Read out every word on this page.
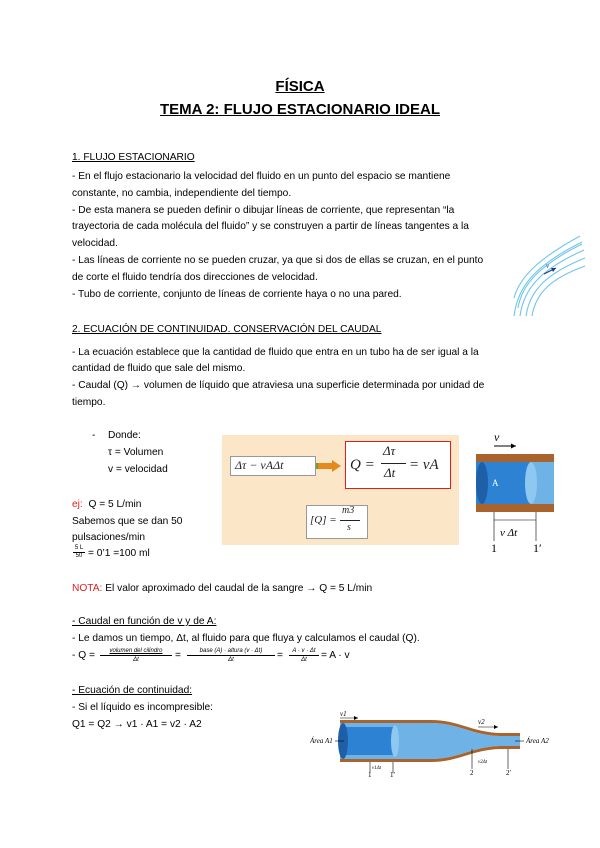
FÍSICA
TEMA 2: FLUJO ESTACIONARIO IDEAL
1. FLUJO ESTACIONARIO
- En el flujo estacionario la velocidad del fluido en un punto del espacio se mantiene
constante, no cambia, independiente del tiempo.
- De esta manera se pueden definir o dibujar líneas de corriente, que representan “la
trayectoria de cada molécula del fluido” y se construyen a partir de líneas tangentes a la
velocidad.
- Las líneas de corriente no se pueden cruzar, ya que si dos de ellas se cruzan, en el punto
de corte el fluido tendría dos direcciones de velocidad.
- Tubo de corriente, conjunto de líneas de corriente haya o no una pared.
v
2. ECUACIÓN DE CONTINUIDAD. CONSERVACIÓN DEL CAUDAL
- La ecuación establece que la cantidad de fluido que entra en un tubo ha de ser igual a la
cantidad de fluido que sale del mismo.
- Caudal (Q) → volumen de líquido que atraviesa una superficie determinada por unidad de
tiempo.
- Donde:
τ = Volumen
v = velocidad	Δτ − vAΔt	Q =
Δτ
Δt = vA
[Q] =
m3
s
v
A
v Δt
1	1′
ej: Q = 5 L/min
Sabemos que se dan 50
pulsaciones/min
$\frac{5 L}{50}$ = 0’1 =100 ml
NOTA: El valor aproximado del caudal de la sangre → Q = 5 L/min
- Caudal en función de v y de A:
- Le damos un tiempo, Δt, al fluido para que fluya y calculamos el caudal (Q).
- Q =	volumen del cilindro
Δt	=	base (A) · altura (v · Δt)
Δt	= $\frac{A \cdot v \cdot \Delta t}{\Delta t} = A \cdot v$
- Ecuación de continuidad:
- Si el líquido es incompresible:
Q1 = Q2 → v1 · A1 = v2 · A2
v1
v2
Área A1	Área A2
v1Δt
1	1′
v2Δt
2	2′
